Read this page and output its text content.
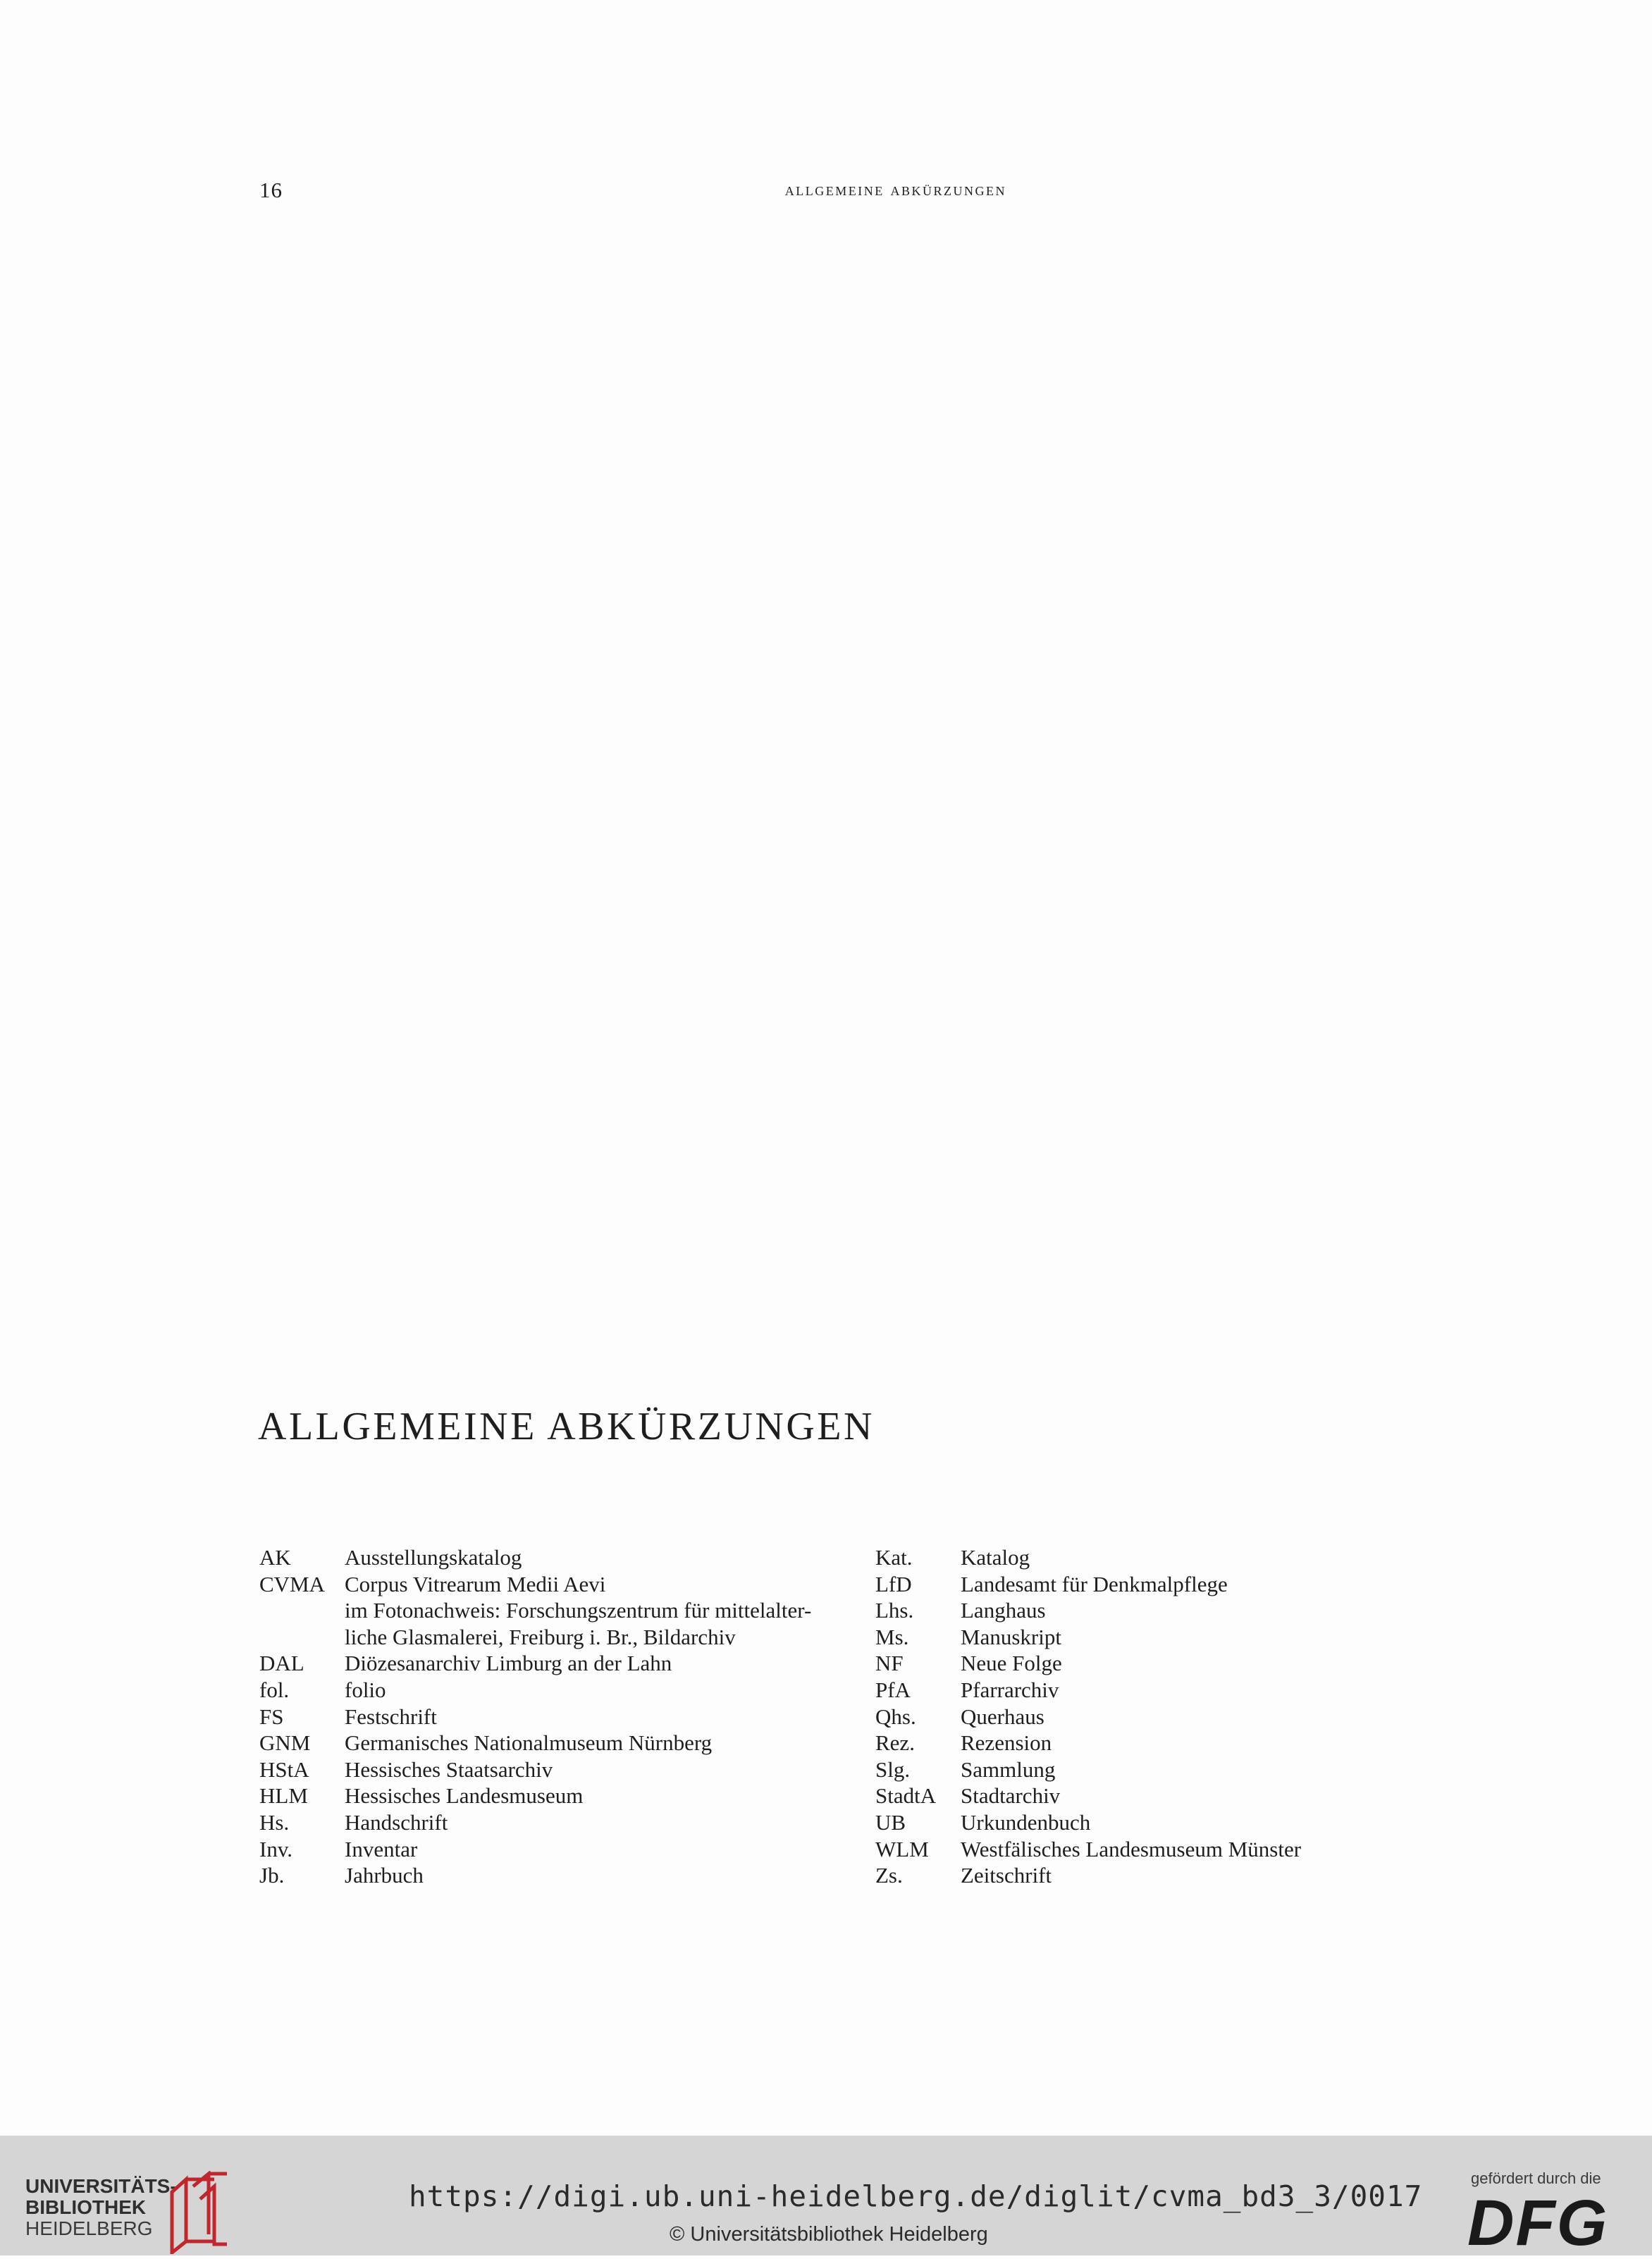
16	allgemeine abkürzungen
ALLGEMEINE ABKÜRZUNGEN
AK	Ausstellungskatalog
CVMA Corpus Vitrearum Medii Aevi
im Fotonachweis: Forschungszentrum für mittelalter-
liche Glasmalerei, Freiburg i. Br., Bildarchiv
DAL	Diözesanarchiv Limburg an der Lahn
fol.	folio
FS	Festschrift
GNM	Germanisches Nationalmuseum Nürnberg
HStA	Hessisches Staatsarchiv
HLM	Hessisches Landesmuseum
Hs.	Handschrift
Inv.	Inventar
Jb.	Jahrbuch
Kat.	Katalog
LfD	Landesamt für Denkmalpflege
Lhs.	Langhaus
Ms.	Manuskript
NF	Neue Folge
PfA	Pfarrarchiv
Qhs.	Querhaus
Rez.	Rezension
Slg.	Sammlung
StadtA	Stadtarchiv
UB	Urkundenbuch
WLM	Westfälisches Landesmuseum Münster
Zs.	Zeitschrift
UNIVERSITÄTS-
BIBLIOTHEK
HEIDELBERG
https://digi.ub.uni-heidelberg.de/diglit/cvma_bd3_3/0017
© Universitätsbibliothek Heidelberg
gefördert durch die
DFG
